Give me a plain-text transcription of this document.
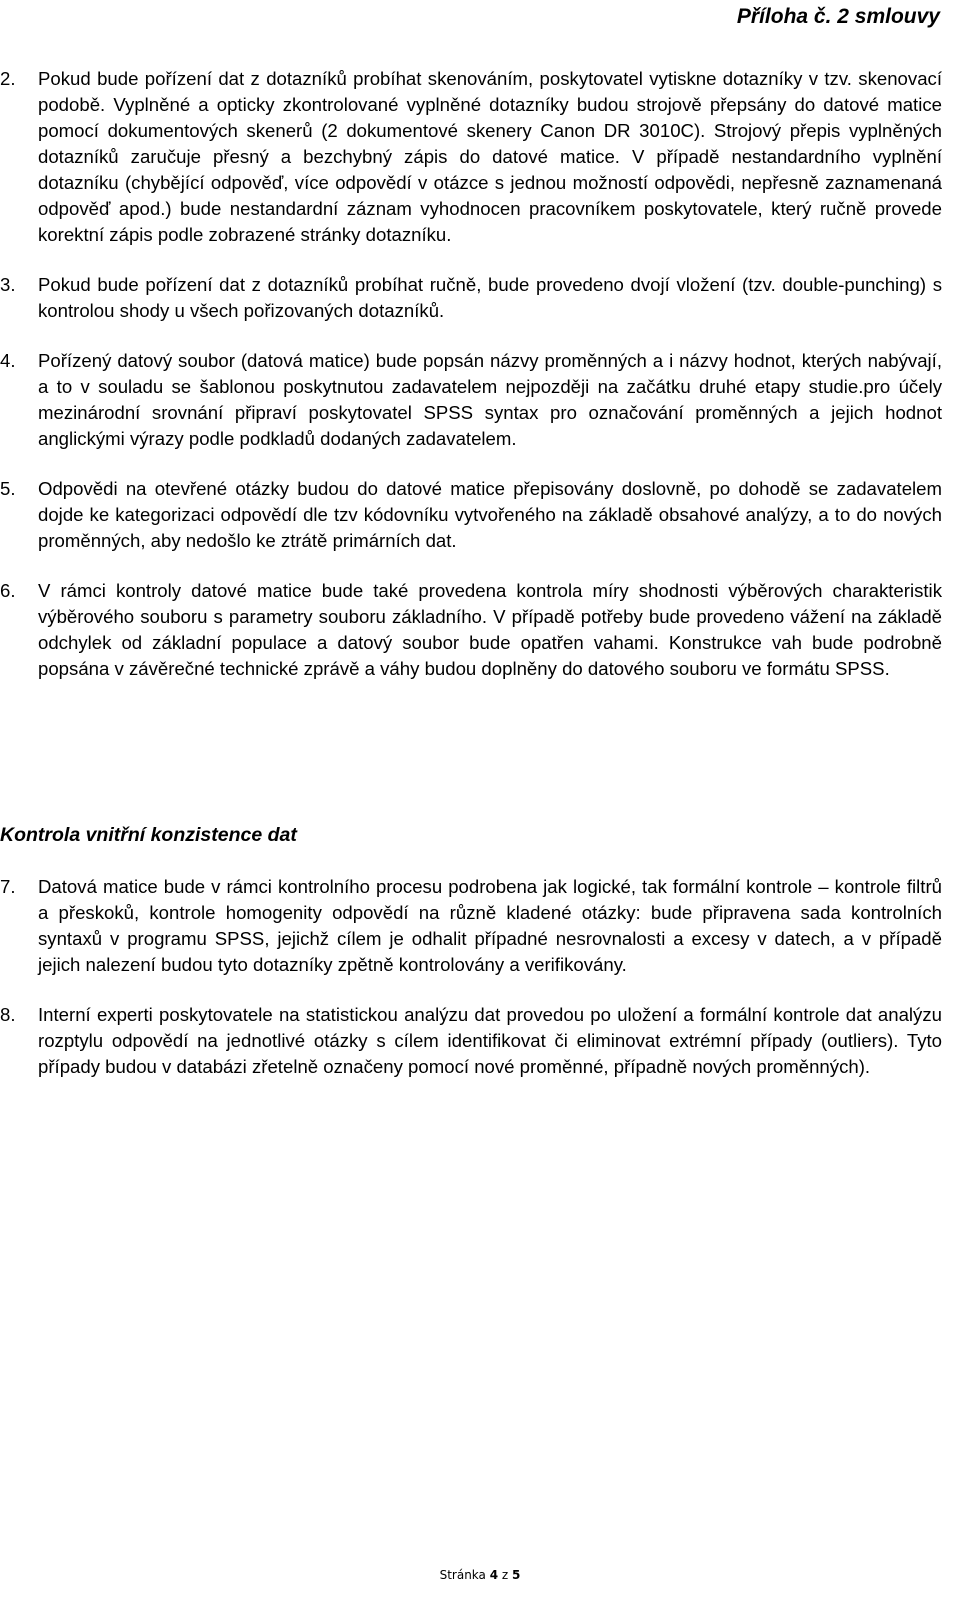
Příloha č. 2 smlouvy
2. Pokud bude pořízení dat z dotazníků probíhat skenováním, poskytovatel vytiskne dotazníky v tzv. skenovací podobě. Vyplněné a opticky zkontrolované vyplněné dotazníky budou strojově přepsány do datové matice pomocí dokumentových skenerů (2 dokumentové skenery Canon DR 3010C). Strojový přepis vyplněných dotazníků zaručuje přesný a bezchybný zápis do datové matice. V případě nestandardního vyplnění dotazníku (chybějící odpověď, více odpovědí v otázce s jednou možností odpovědi, nepřesně zaznamenaná odpověď apod.) bude nestandardní záznam vyhodnocen pracovníkem poskytovatele, který ručně provede korektní zápis podle zobrazené stránky dotazníku.
3. Pokud bude pořízení dat z dotazníků probíhat ručně, bude provedeno dvojí vložení (tzv. double-punching) s kontrolou shody u všech pořizovaných dotazníků.
4. Pořízený datový soubor (datová matice) bude popsán názvy proměnných a i názvy hodnot, kterých nabývají, a to v souladu se šablonou poskytnutou zadavatelem nejpozději na začátku druhé etapy studie.pro účely mezinárodní srovnání připraví poskytovatel SPSS syntax pro označování proměnných a jejich hodnot anglickými výrazy podle podkladů dodaných zadavatelem.
5. Odpovědi na otevřené otázky budou do datové matice přepisovány doslovně, po dohodě se zadavatelem dojde ke kategorizaci odpovědí dle tzv kódovníku vytvořeného na základě obsahové analýzy, a to do nových proměnných, aby nedošlo ke ztrátě primárních dat.
6. V rámci kontroly datové matice bude také provedena kontrola míry shodnosti výběrových charakteristik výběrového souboru s parametry souboru základního. V případě potřeby bude provedeno vážení na základě odchylek od základní populace a datový soubor bude opatřen vahami. Konstrukce vah bude podrobně popsána v závěrečné technické zprávě a váhy budou doplněny do datového souboru ve formátu SPSS.
Kontrola vnitřní konzistence dat
7. Datová matice bude v rámci kontrolního procesu podrobena jak logické, tak formální kontrole – kontrole filtrů a přeskoků, kontrole homogenity odpovědí na různě kladené otázky: bude připravena sada kontrolních syntaxů v programu SPSS, jejichž cílem je odhalit případné nesrovnalosti a excesy v datech, a v případě jejich nalezení budou tyto dotazníky zpětně kontrolovány a verifikovány.
8. Interní experti poskytovatele na statistickou analýzu dat provedou po uložení a formální kontrole dat analýzu rozptylu odpovědí na jednotlivé otázky s cílem identifikovat či eliminovat extrémní případy (outliers). Tyto případy budou v databázi zřetelně označeny pomocí nové proměnné, případně nových proměnných).
Stránka 4 z 5
